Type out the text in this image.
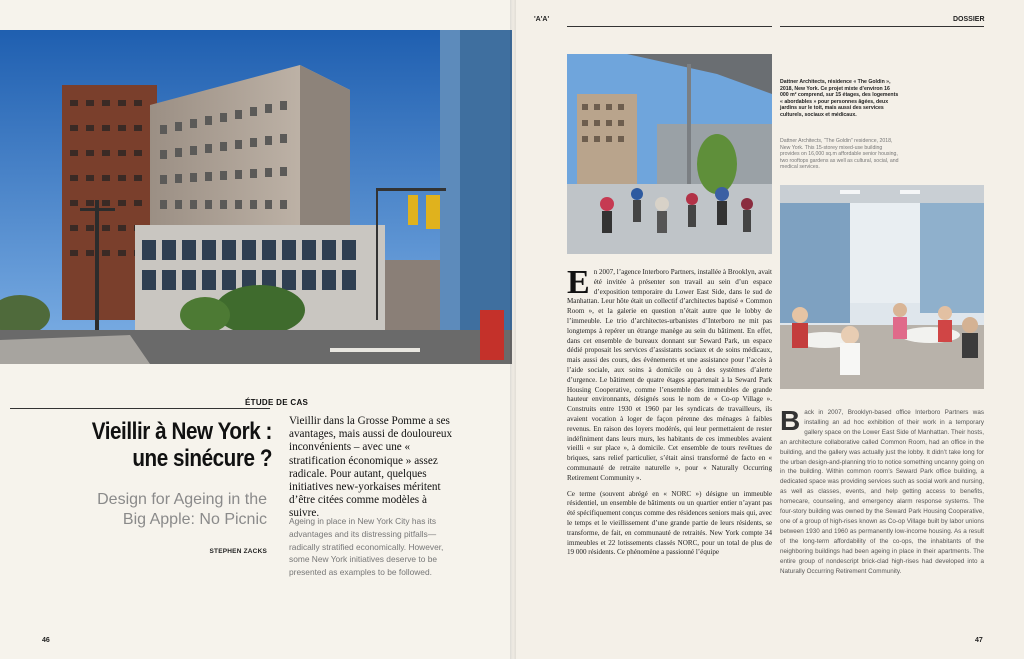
ÉTUDE DE CAS
Vieillir à New York :
une sinécure ?
Design for Ageing in the
Big Apple: No Picnic
STEPHEN ZACKS
Vieillir dans la Grosse Pomme a ses avantages, mais aussi de douloureux inconvénients – avec une « stratification économique » assez radicale. Pour autant, quelques initiatives new-yorkaises méritent d’être citées comme modèles à suivre.
Ageing in place in New York City has its advantages and its distressing pitfalls—radically stratified economically. However, some New York initiatives deserve to be presented as examples to be followed.
46
'A'A'	DOSSIER
Dattner Architects, résidence « The Goldin », 2018, New York. Ce projet mixte d’environ 16 000 m² comprend, sur 15 étages, des logements « abordables » pour personnes âgées, deux jardins sur le toit, mais aussi des services culturels, sociaux et médicaux.
Dattner Architects, “The Goldin” residence, 2018, New York. This 15-storey mixed-use building provides on 16,000 sq.m affordable senior housing, two rooftops gardens as well as cultural, social, and medical services.

En 2007, l’agence Interboro Partners, installée à Brooklyn, avait été invitée à présenter son travail au sein d’un espace d’exposition temporaire du Lower East Side, dans le sud de Manhattan. Leur hôte était un collectif d’architectes baptisé « Common Room », et la galerie en question n’était autre que le lobby de l’immeuble. Le trio d’architectes-urbanistes d’Interboro ne mit pas longtemps à repérer un étrange manège au sein du bâtiment. En effet, dans cet ensemble de bureaux donnant sur Seward Park, un espace dédié proposait les services d’assistants sociaux et de soins médicaux, mais aussi des cours, des événements et une assistance pour l’accès à l’aide sociale, aux soins à domicile ou à des systèmes d’alerte d’urgence. Le bâtiment de quatre étages appartenait à la Seward Park Housing Cooperative, comme l’ensemble des immeubles de grande hauteur environnants, désignés sous le nom de « Co-op Village ». Construits entre 1930 et 1960 par les syndicats de travailleurs, ils avaient vocation à loger de façon pérenne des ménages à faibles revenus. En raison des loyers modérés, qui leur permettaient de rester indéfiniment dans leurs murs, les habitants de ces immeubles avaient vieilli « sur place », à domicile. Cet ensemble de tours revêtues de briques, sans relief particulier, s’était ainsi transformé de facto en « communauté de retraite naturelle », pour « Naturally Occurring Retirement Community ».

Ce terme (souvent abrégé en « NORC ») désigne un immeuble résidentiel, un ensemble de bâtiments ou un quartier entier n’ayant pas été spécifiquement conçus comme des résidences seniors mais qui, avec le temps et le vieillissement d’une grande partie de leurs résidents, se transforme, de fait, en communauté de retraités. New York compte 34 immeubles et 22 lotissements classés NORC, pour un total de plus de 19 000 résidents. Ce phénomène a passionné l’équipe

Back in 2007, Brooklyn-based office Interboro Partners was installing an ad hoc exhibition of their work in a temporary gallery space on the Lower East Side of Manhattan. Their hosts, an architecture collaborative called Common Room, had an office in the building, and the gallery was actually just the lobby. It didn’t take long for the urban design-and-planning trio to notice something uncanny going on in the building. Within common room’s Seward Park office building, a dedicated space was providing services such as social work and nursing, as well as classes, events, and help getting access to benefits, homecare, counseling, and emergency alarm response systems. The four-story building was owned by the Seward Park Housing Cooperative, one of a group of high-rises known as Co-op Village built by labor unions between 1930 and 1960 as permanently low-income housing. As a result of the long-term affordability of the co-ops, the inhabitants of the neighboring buildings had been ageing in place in their apartments. The entire group of nondescript brick-clad high-rises had developed into a Naturally Occurring Retirement Community.
47
